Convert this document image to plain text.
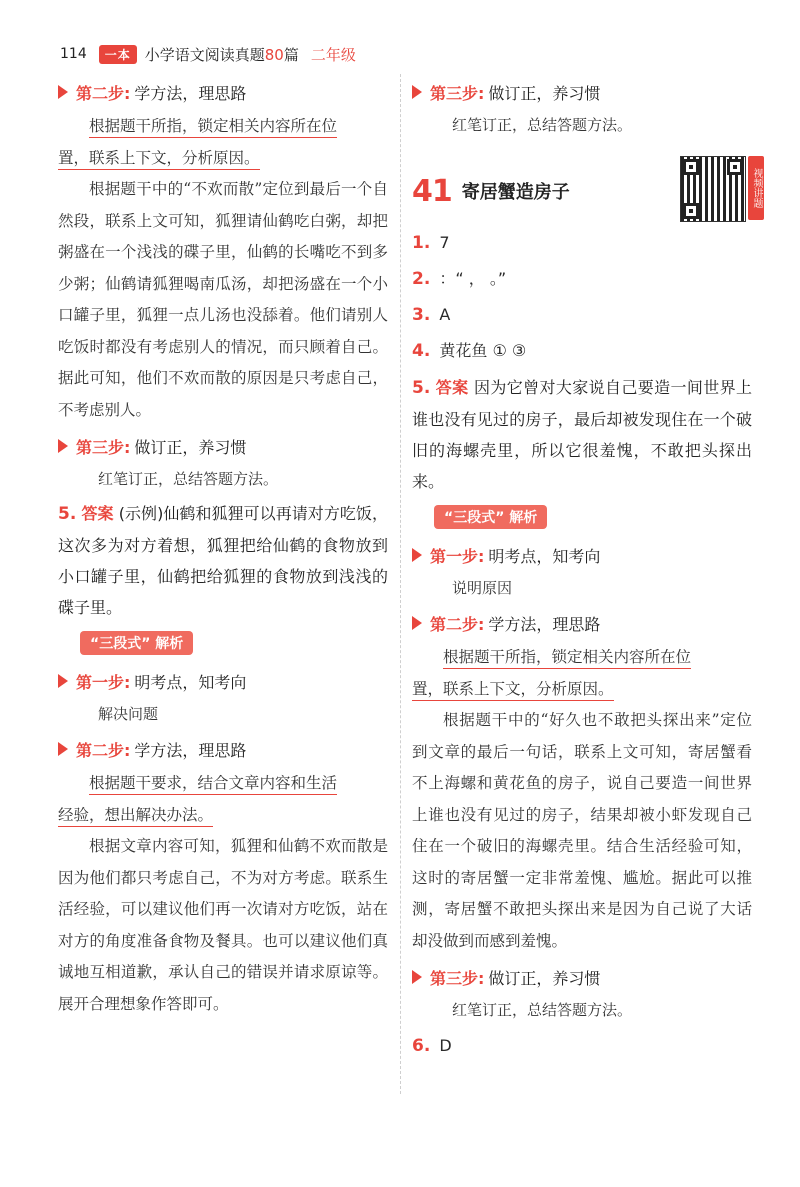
114	一本 小学语文阅读真题80篇 二年级
第二步: 学方法，理思路
根据题干所指，锁定相关内容所在位
置，联系上下文，分析原因。
根据题干中的“不欢而散”定位到最后一个自然段，联系上文可知，狐狸请仙鹤吃白粥，却把粥盛在一个浅浅的碟子里，仙鹤的长嘴吃不到多少粥；仙鹤请狐狸喝南瓜汤，却把汤盛在一个小口罐子里，狐狸一点儿汤也没舔着。他们请别人吃饭时都没有考虑别人的情况，而只顾着自己。据此可知，他们不欢而散的原因是只考虑自己，不考虑别人。
第三步: 做订正，养习惯
红笔订正，总结答题方法。
5. 答案 (示例)仙鹤和狐狸可以再请对方吃饭，这次多为对方着想，狐狸把给仙鹤的食物放到小口罐子里，仙鹤把给狐狸的食物放到浅浅的碟子里。
“三段式” 解析
第一步: 明考点，知考向
解决问题
第二步: 学方法，理思路
根据题干要求，结合文章内容和生活
经验，想出解决办法。
根据文章内容可知，狐狸和仙鹤不欢而散是因为他们都只考虑自己，不为对方考虑。联系生活经验，可以建议他们再一次请对方吃饭，站在对方的角度准备食物及餐具。也可以建议他们真诚地互相道歉，承认自己的错误并请求原谅等。展开合理想象作答即可。
第三步: 做订正，养习惯
红笔订正，总结答题方法。
41 寄居蟹造房子	视频讲题
1. 7
2. ：“ ， 。”
3. A
4. 黄花鱼 ① ③
5. 答案 因为它曾对大家说自己要造一间世界上谁也没有见过的房子，最后却被发现住在一个破旧的海螺壳里，所以它很羞愧，不敢把头探出来。
“三段式” 解析
第一步: 明考点，知考向
说明原因
第二步: 学方法，理思路
根据题干所指，锁定相关内容所在位
置，联系上下文，分析原因。
根据题干中的“好久也不敢把头探出来”定位到文章的最后一句话，联系上文可知，寄居蟹看不上海螺和黄花鱼的房子，说自己要造一间世界上谁也没有见过的房子，结果却被小虾发现自己住在一个破旧的海螺壳里。结合生活经验可知，这时的寄居蟹一定非常羞愧、尴尬。据此可以推测，寄居蟹不敢把头探出来是因为自己说了大话却没做到而感到羞愧。
第三步: 做订正，养习惯
红笔订正，总结答题方法。
6. D
